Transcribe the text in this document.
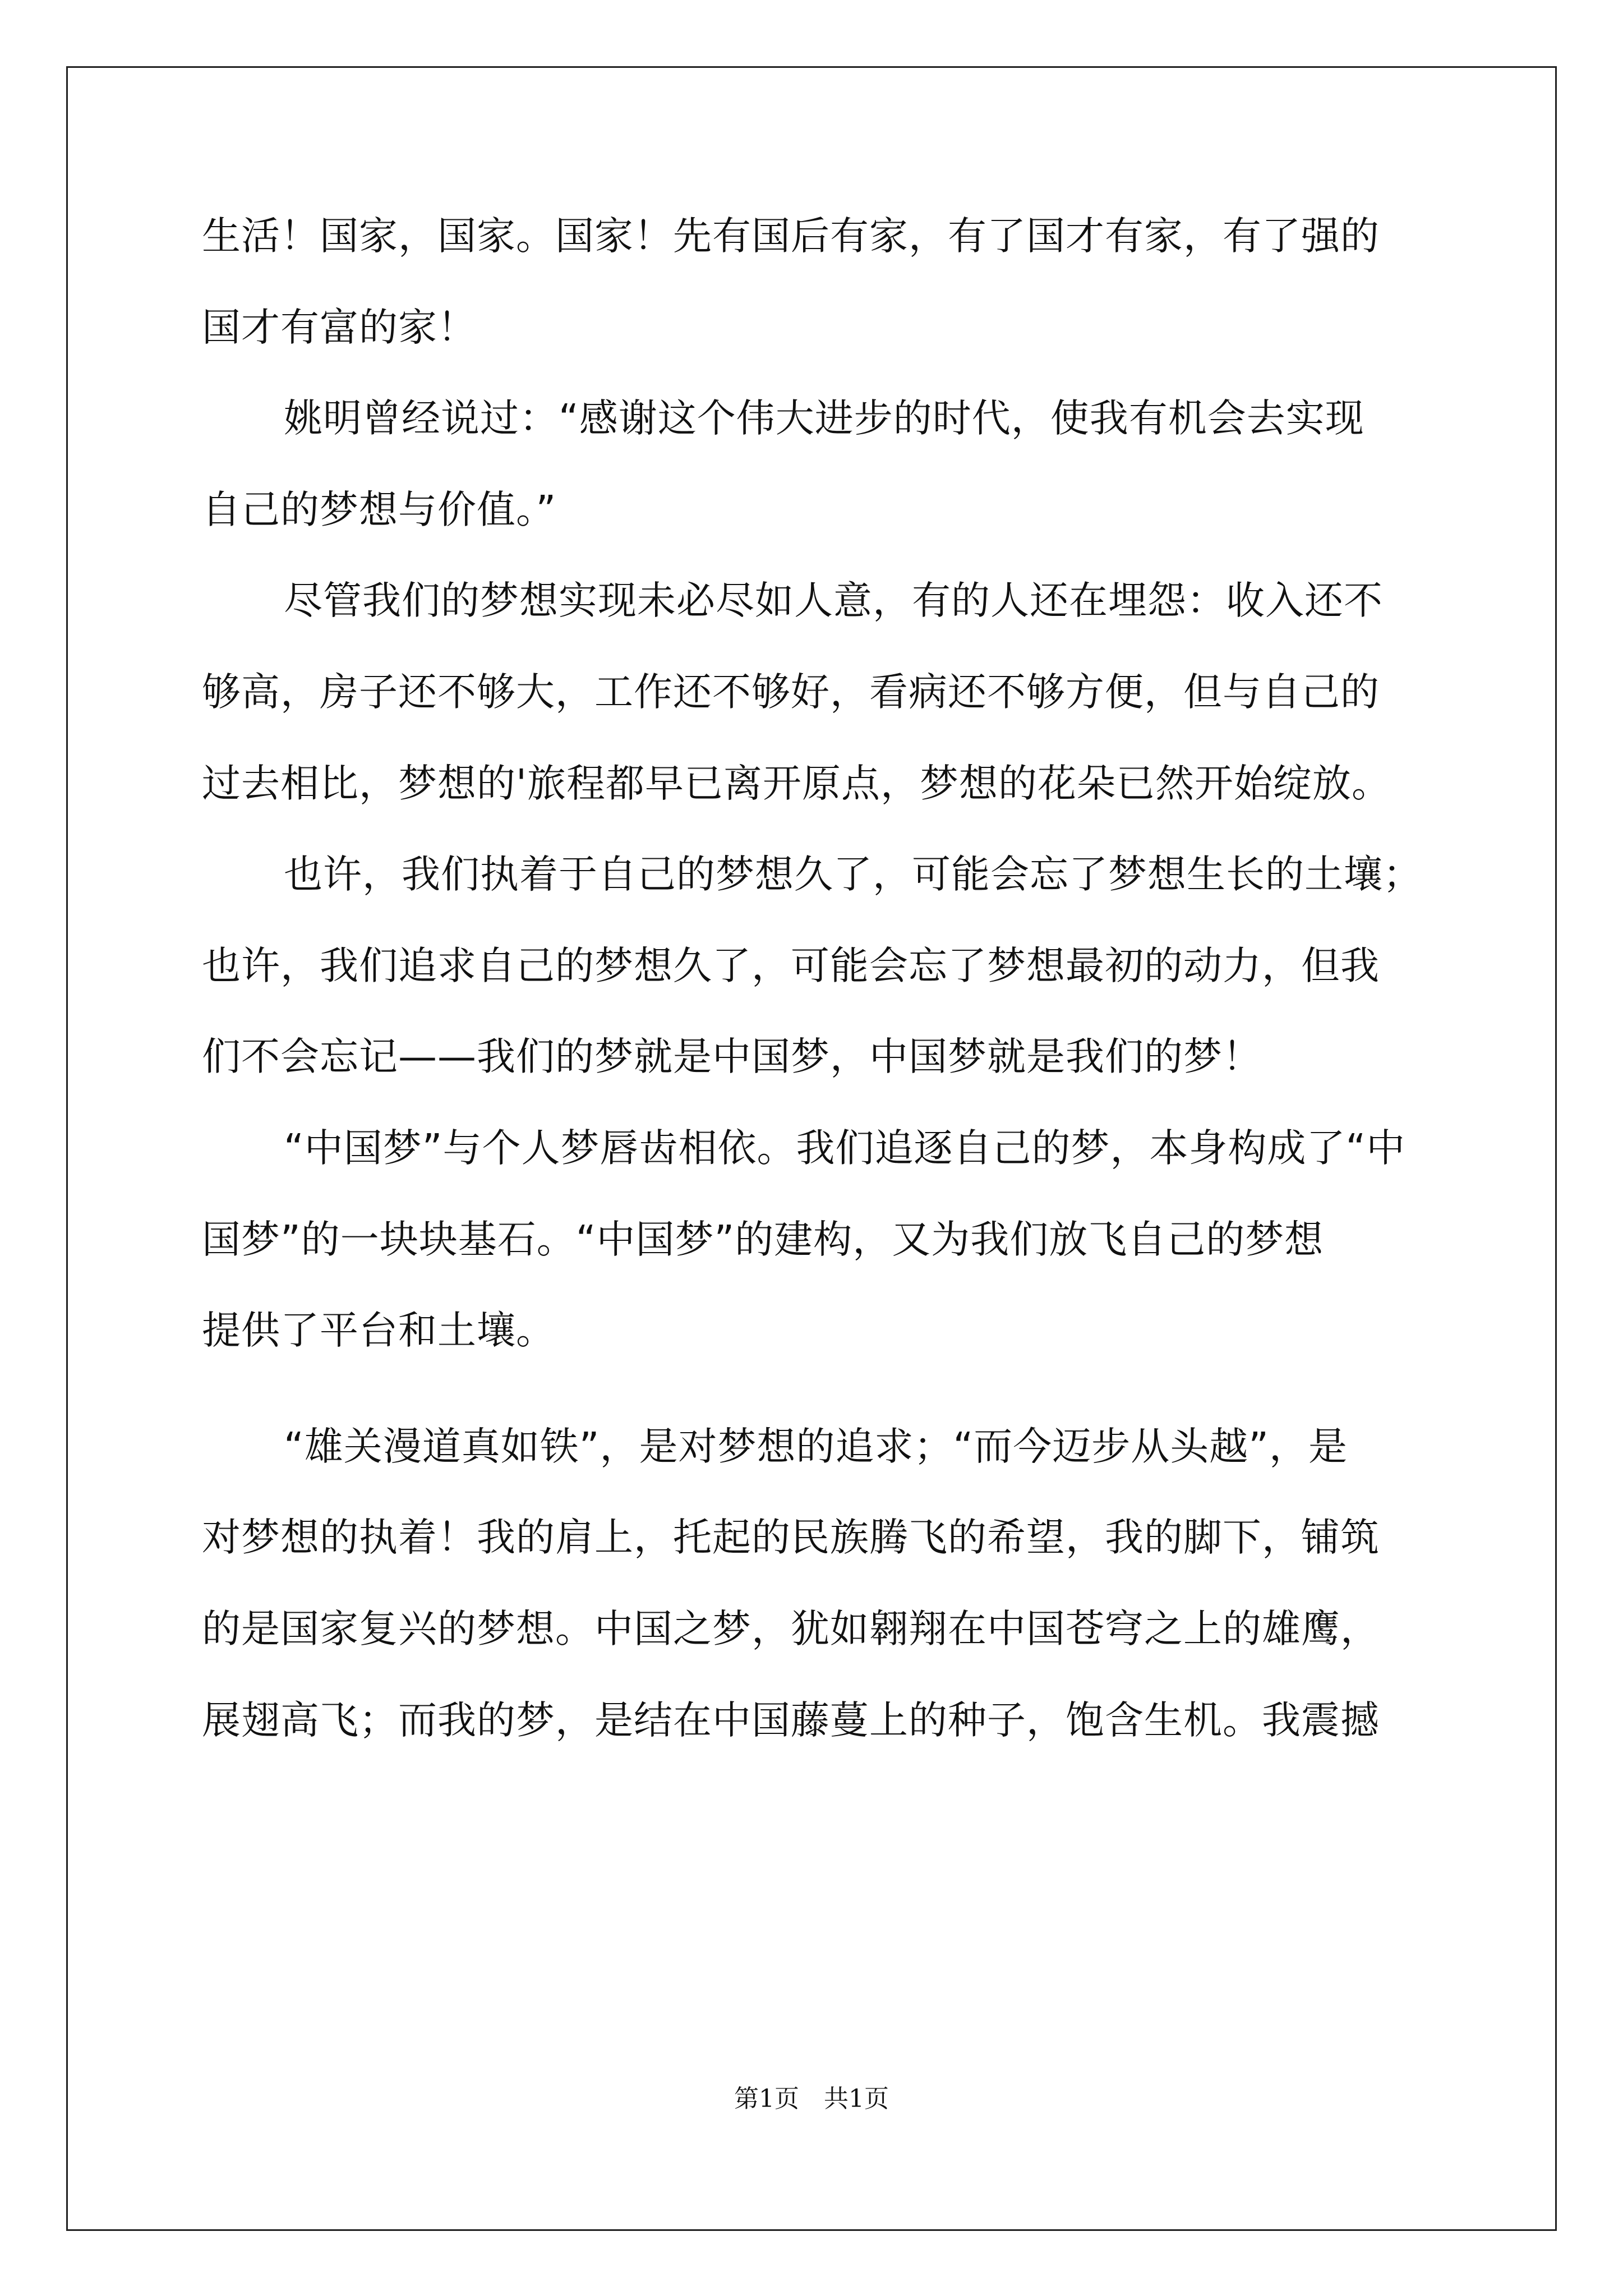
生活！国家，国家。国家！先有国后有家，有了国才有家，有了强的
国才有富的家！
姚明曾经说过：“感谢这个伟大进步的时代，使我有机会去实现
自己的梦想与价值。”
尽管我们的梦想实现未必尽如人意，有的人还在埋怨：收入还不
够高，房子还不够大，工作还不够好，看病还不够方便，但与自己的
过去相比，梦想的'旅程都早已离开原点，梦想的花朵已然开始绽放。
也许，我们执着于自己的梦想久了，可能会忘了梦想生长的土壤；
也许，我们追求自己的梦想久了，可能会忘了梦想最初的动力，但我
们不会忘记——我们的梦就是中国梦，中国梦就是我们的梦！
“中国梦”与个人梦唇齿相依。我们追逐自己的梦，本身构成了“中
国梦”的一块块基石。“中国梦”的建构，又为我们放飞自己的梦想
提供了平台和土壤。
“雄关漫道真如铁”，是对梦想的追求；“而今迈步从头越”，是
对梦想的执着！我的肩上，托起的民族腾飞的希望，我的脚下，铺筑
的是国家复兴的梦想。中国之梦，犹如翱翔在中国苍穹之上的雄鹰，
展翅高飞；而我的梦，是结在中国藤蔓上的种子，饱含生机。我震撼
第1页　共1页
